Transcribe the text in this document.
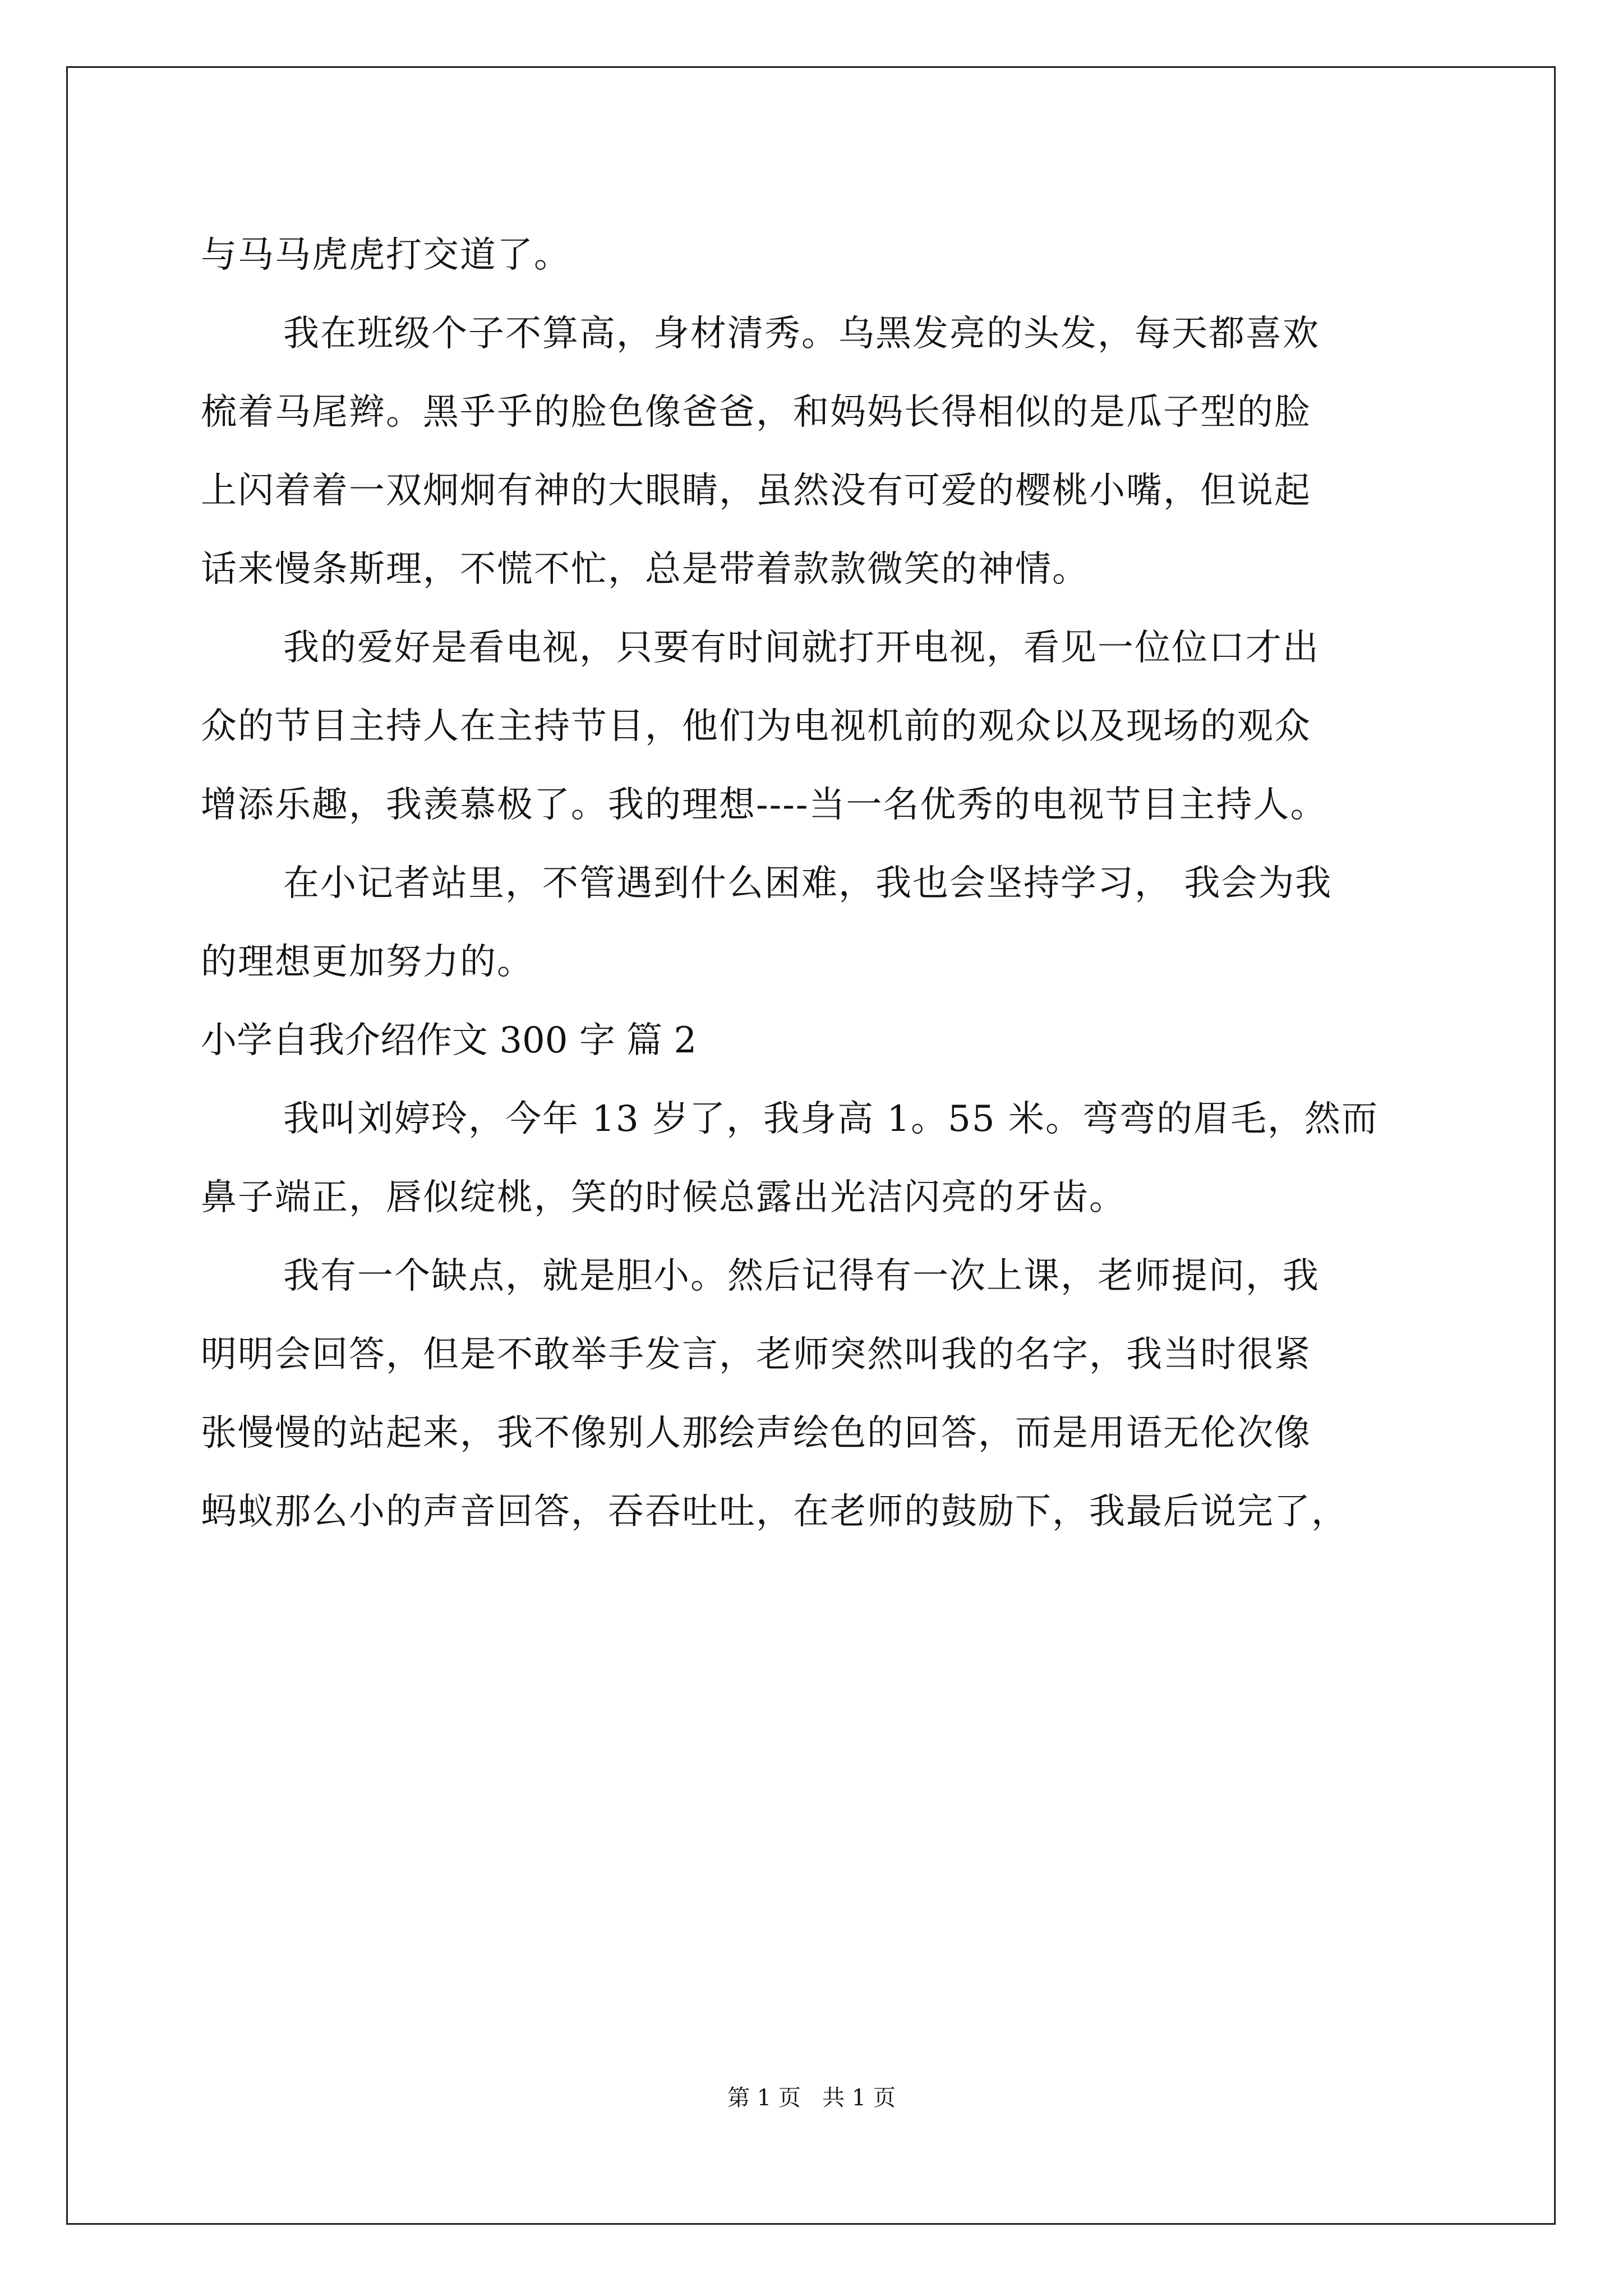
与马马虎虎打交道了。
我在班级个子不算高，身材清秀。乌黑发亮的头发，每天都喜欢
梳着马尾辫。黑乎乎的脸色像爸爸，和妈妈长得相似的是瓜子型的脸
上闪着着一双炯炯有神的大眼睛，虽然没有可爱的樱桃小嘴，但说起
话来慢条斯理，不慌不忙，总是带着款款微笑的神情。
我的爱好是看电视，只要有时间就打开电视，看见一位位口才出
众的节目主持人在主持节目，他们为电视机前的观众以及现场的观众
增添乐趣，我羡慕极了。我的理想----当一名优秀的电视节目主持人。
在小记者站里，不管遇到什么困难，我也会坚持学习， 我会为我
的理想更加努力的。
小学自我介绍作文 300 字 篇 2
我叫刘婷玲，今年 13 岁了，我身高 1。55 米。弯弯的眉毛，然而
鼻子端正，唇似绽桃，笑的时候总露出光洁闪亮的牙齿。
我有一个缺点，就是胆小。然后记得有一次上课，老师提问，我
明明会回答，但是不敢举手发言，老师突然叫我的名字，我当时很紧
张慢慢的站起来，我不像别人那绘声绘色的回答，而是用语无伦次像
蚂蚁那么小的声音回答，吞吞吐吐，在老师的鼓励下，我最后说完了，
第 1 页   共 1 页
